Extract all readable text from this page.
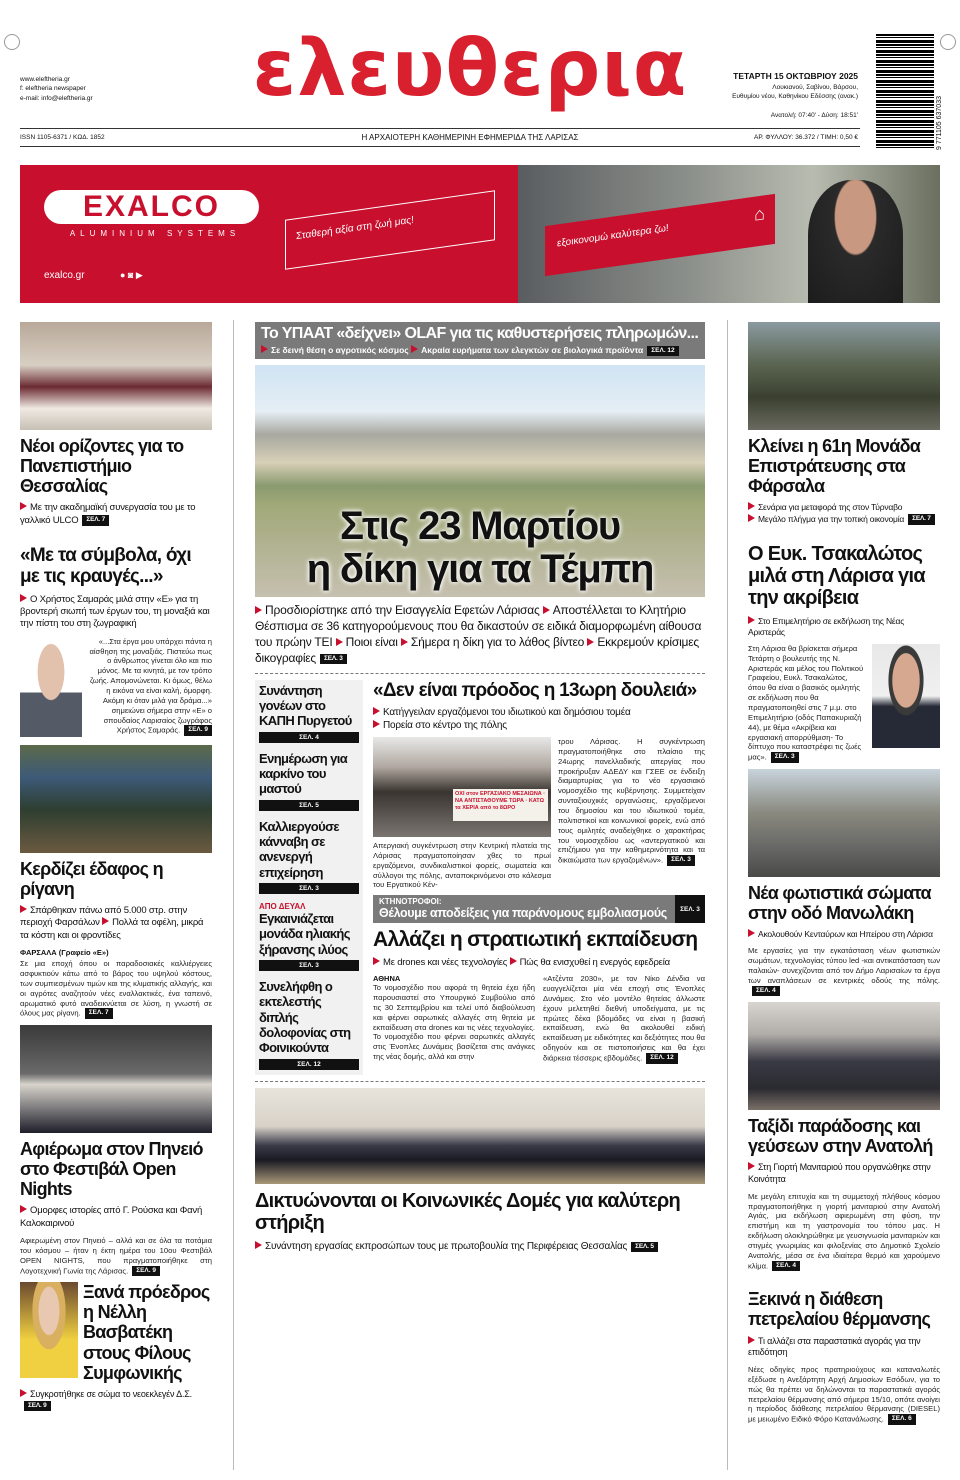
www.eleftheria.gr
f: eleftheria newspaper
e-mail: info@eleftheria.gr ελευθερια	ΤΕΤΑΡΤΗ 15 ΟΚΤΩΒΡΙΟΥ 2025
Λουκιανού, Σαβίνου, Βάρσου,
Ευθυμίου νέου, Καθηνίκου Εδέσσης (ανακ.)
Ανατολή: 07:40' - Δύση: 18:51'	9 771105 637033
ISSN 1105-6371 / ΚΩΔ. 1852	Η ΑΡΧΑΙΟΤΕΡΗ ΚΑΘΗΜΕΡΙΝΗ ΕΦΗΜΕΡΙΔΑ ΤΗΣ ΛΑΡΙΣΑΣ	ΑΡ. ΦΥΛΛΟΥ: 36.372 / ΤΙΜΗ: 0,50 €
EXALCO
ALUMINIUM SYSTEMS
exalco.gr	● ◙ ▶
Σταθερή αξία στη ζωή μας!	εξοικονομώ καλύτερα ζω!
⌂
Νέοι ορίζοντες για το Πανεπιστήμιο Θεσσαλίας
Με την ακαδημαϊκή συνεργασία του με το γαλλικό ULCO ΣΕΛ. 7
«Με τα σύμβολα, όχι με τις κραυγές...»
Ο Χρήστος Σαμαράς μιλά στην «Ε» για τη βροντερή σιωπή των έργων του, τη μοναξιά και την πίστη του στη ζωγραφική
«...Στα έργα μου υπάρχει πάντα η αίσθηση της μοναξιάς. Πιστεύω πως ο άνθρωπος γίνεται όλο και πιο μόνος. Με τα κινητά, με τον τρόπο ζωής. Απομονώνεται. Κι όμως, θέλω η εικόνα να είναι καλή, όμορφη. Ακόμη κι όταν μιλά για δράμα...» σημειώνει σήμερα στην «Ε» ο σπουδαίος Λαρισαίος ζωγράφος Χρήστος Σαμαράς. ΣΕΛ. 9
Κερδίζει έδαφος η ρίγανη
Σπάρθηκαν πάνω από 5.000 στρ. στην περιοχή Φαρσάλων Πολλά τα οφέλη, μικρά τα κόστη και οι φροντίδες
ΦΑΡΣΑΛΑ (Γραφείο «Ε»)
Σε μια εποχή όπου οι παραδοσιακές καλλιέργειες ασφυκτιούν κάτω από το βάρος του υψηλού κόστους, των συμπιεσμένων τιμών και της κλιματικής αλλαγής, και οι αγρότες αναζητούν νέες εναλλακτικές, ένα ταπεινό, αρωματικό φυτό αναδεικνύεται σε λύση, η γνωστή σε όλους μας ρίγανη. ΣΕΛ. 7
Αφιέρωμα στον Πηνειό στο Φεστιβάλ Open Nights
Ομορφες ιστορίες από Γ. Ρούσκα και Φανή Καλοκαιρινού
Αφιερωμένη στον Πηνειό – αλλά και σε όλα τα ποτάμια του κόσμου – ήταν η έκτη ημέρα του 10ου Φεστιβάλ OPEN NIGHTS, που πραγματοποιήθηκε στη Λογοτεχνική Γωνία της Λάρισας. ΣΕΛ. 9
Ξανά πρόεδρος η Νέλλη Βασβατέκη στους Φίλους Συμφωνικής
Συγκροτήθηκε σε σώμα το νεοεκλεγέν Δ.Σ.ΣΕΛ. 9
Το ΥΠΑΑΤ «δείχνει» OLAF για τις καθυστερήσεις πληρωμών...
Σε δεινή θέση ο αγροτικός κόσμος Ακραία ευρήματα των ελεγκτών σε βιολογικά προϊόντα ΣΕΛ. 12
Στις 23 Μαρτίου
η δίκη για τα Τέμπη
Προσδιορίστηκε από την Εισαγγελία Εφετών Λάρισας Αποστέλλεται το Κλητήριο Θέσπισμα σε 36 κατηγορούμενους που θα δικαστούν σε ειδικά διαμορφωμένη αίθουσα του πρώην ΤΕΙ Ποιοι είναι Σήμερα η δίκη για το λάθος βίντεο Εκκρεμούν κρίσιμες δικογραφίες ΣΕΛ. 3
Συνάντηση γονέων στο ΚΑΠΗ Πυργετού
ΣΕΛ. 4
Ενημέρωση για καρκίνο του μαστού
ΣΕΛ. 5
Καλλιεργούσε κάνναβη σε ανενεργή επιχείρηση
ΣΕΛ. 3
ΑΠΟ ΔΕΥΑΛ
Εγκαινιάζεται μονάδα ηλιακής ξήρανσης ιλύος
ΣΕΛ. 3
Συνελήφθη ο εκτελεστής διπλής δολοφονίας στη Φοινικούντα
ΣΕΛ. 12
«Δεν είναι πρόοδος η 13ωρη δουλειά»
Κατήγγειλαν εργαζόμενοι του ιδιωτικού και δημόσιου τομέα
Πορεία στο κέντρο της πόλης
ΟΧΙ στον ΕΡΓΑΣΙΑΚΟ ΜΕΣΑΙΩΝΑ · ΝΑ ΑΝΤΙΣΤΑΘΟΥΜΕ ΤΩΡΑ · ΚΑΤΩ τα ΧΕΡΙΑ από το 8ΩΡΟ
Απεργιακή συγκέντρωση στην Κεντρική πλατεία της Λάρισας πραγματοποίησαν χθες το πρωί εργαζόμενοι, συνδικαλιστικοί φορείς, σωματεία και σύλλογοι της πόλης, ανταποκρινόμενοι στο κάλεσμα του Εργατικού Κέν-
τρου Λάρισας. Η συγκέντρωση πραγματοποιήθηκε στο πλαίσιο της 24ωρης πανελλαδικής απεργίας που προκήρυξαν ΑΔΕΔΥ και ΓΣΕΕ σε ένδειξη διαμαρτυρίας για το νέο εργασιακό νομοσχέδιο της κυβέρνησης. Συμμετείχαν συνταξιουχικές οργανώσεις, εργαζόμενοι του δημοσίου και του ιδιωτικού τομέα, πολιτιστικοί και κοινωνικοί φορείς, ενώ από τους ομιλητές αναδείχθηκε ο χαρακτήρας του νομοσχεδίου ως «αντεργατικού και επιζήμιου για την καθημερινότητα και τα δικαιώματα των εργαζομένων». ΣΕΛ. 3
ΚΤΗΝΟΤΡΟΦΟΙ:
Θέλουμε αποδείξεις για παράνομους εμβολιασμούς	ΣΕΛ. 3
Αλλάζει η στρατιωτική εκπαίδευση
Με drones και νέες τεχνολογίες Πώς θα ενισχυθεί η ενεργός εφεδρεία
ΑΘΗΝΑ
Το νομοσχέδιο που αφορά τη θητεία έχει ήδη παρουσιαστεί στο Υπουργικό Συμβούλιο από τις 30 Σεπτεμβρίου και τελεί υπό διαβούλευση και φέρνει σαρωτικές αλλαγές στη θητεία με εκπαίδευση στα drones και τις νέες τεχνολογίες. Το νομοσχέδιο που φέρνει σαρωτικές αλλαγές στις Ένοπλες Δυνάμεις βασίζεται στις ανάγκες της νέας δομής, αλλά και στην
«Ατζέντα 2030», με τον Νίκο Δένδια να ευαγγελίζεται μία νέα εποχή στις Ένοπλες Δυνάμεις. Στο νέο μοντέλο θητείας άλλωστε έχουν μελετηθεί διεθνή υποδείγματα, με τις πρώτες δέκα βδομάδες να είναι η βασική εκπαίδευση, ενώ θα ακολουθεί ειδική εκπαίδευση με ειδικότητες και δεξιότητες που θα οδηγούν και σε πιστοποιήσεις και θα έχει διάρκεια τέσσερις εβδομάδες. ΣΕΛ. 12
Δικτυώνονται οι Κοινωνικές Δομές για καλύτερη στήριξη
Συνάντηση εργασίας εκπροσώπων τους με πρωτοβουλία της Περιφέρειας Θεσσαλίας ΣΕΛ. 5
Κλείνει η 61η Μονάδα Επιστράτευσης στα Φάρσαλα
Σενάρια για μεταφορά της στον Τύρναβο
Μεγάλο πλήγμα για την τοπική οικονομία ΣΕΛ. 7
Ο Ευκ. Τσακαλώτος μιλά στη Λάρισα για την ακρίβεια
Στο Επιμελητήριο σε εκδήλωση της Νέας Αριστεράς
Στη Λάρισα θα βρίσκεται σήμερα Τετάρτη ο βουλευτής της Ν. Αριστεράς και μέλος του Πολιτικού Γραφείου, Ευκλ. Τσακαλώτος, όπου θα είναι ο βασικός ομιλητής σε εκδήλωση που θα πραγματοποιηθεί στις 7 μ.μ. στο Επιμελητήριο (οδός Παπακυριαζή 44), με θέμα «Ακρίβεια και εργασιακή απορρύθμιση- Το δίπτυχο που καταστρέφει τις ζωές μας». ΣΕΛ. 3
Νέα φωτιστικά σώματα στην οδό Μανωλάκη
Ακολουθούν Κενταύρων και Ηπείρου στη Λάρισα
Με εργασίες για την εγκατάσταση νέων φωτιστικών σωμάτων, τεχνολογίας τύπου led -και αντικατάσταση των παλαιών- συνεχίζονται από τον Δήμο Λαρισαίων τα έργα των αναπλάσεων σε κεντρικές οδούς της πόλης.ΣΕΛ. 4
Ταξίδι παράδοσης και γεύσεων στην Ανατολή
Στη Γιορτή Μανιταριού που οργανώθηκε στην Κοινότητα
Με μεγάλη επιτυχία και τη συμμετοχή πλήθους κόσμου πραγματοποιήθηκε η γιορτή μανιταριού στην Ανατολή Αγιάς, μια εκδήλωση αφιερωμένη στη φύση, την επιστήμη και τη γαστρονομία του τόπου μας. Η εκδήλωση ολοκληρώθηκε με γευσιγνωσία μανιταριών και στιγμές γνωριμίας και φιλοξενίας στο Δημοτικό Σχολείο Ανατολής, μέσα σε ένα ιδιαίτερα θερμό και χαρούμενο κλίμα. ΣΕΛ. 4
Ξεκινά η διάθεση πετρελαίου θέρμανσης
Τι αλλάζει στα παραστατικά αγοράς για την επιδότηση
Νέες οδηγίες προς πρατηριούχους και καταναλωτές εξέδωσε η Ανεξάρτητη Αρχή Δημοσίων Εσόδων, για το πώς θα πρέπει να δηλώνονται τα παραστατικά αγοράς πετρελαίου θέρμανσης από σήμερα 15/10, οπότε ανοίγει η περίοδος διάθεσης πετρελαίου θέρμανσης (DIESEL) με μειωμένο Ειδικό Φόρο Κατανάλωσης. ΣΕΛ. 6
